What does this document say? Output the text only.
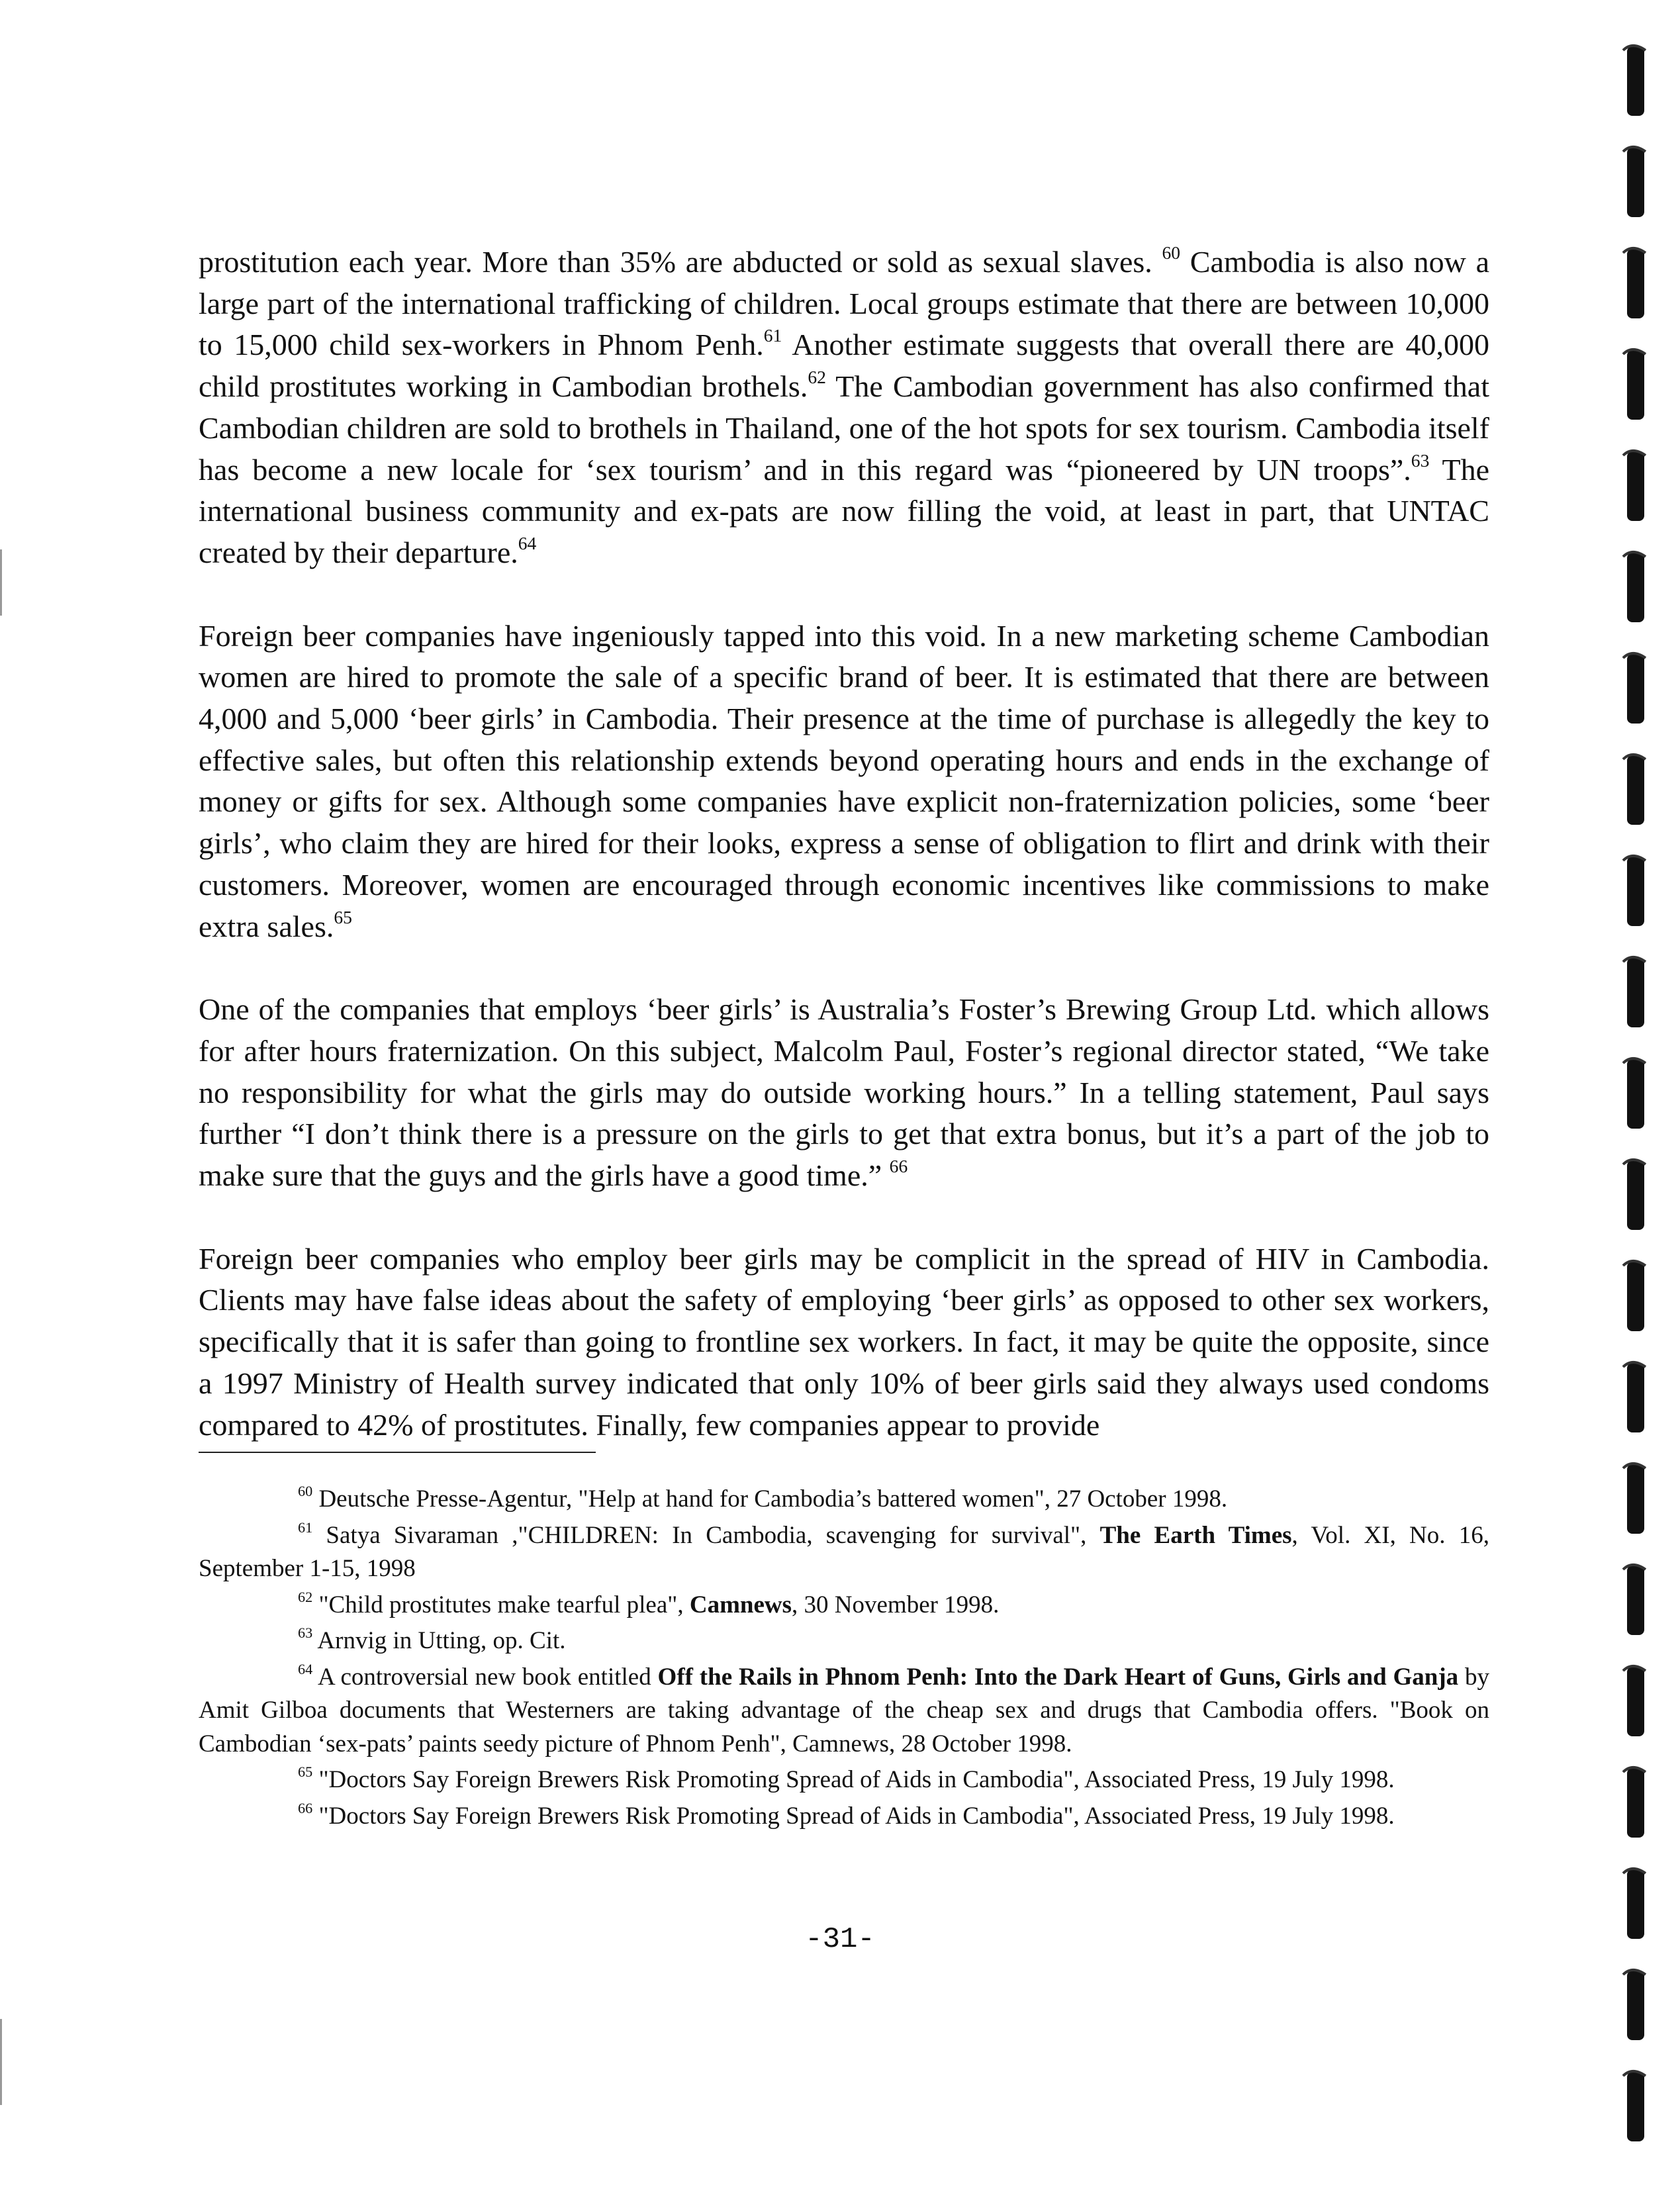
prostitution each year. More than 35% are abducted or sold as sexual slaves. $^{60}$ Cambodia is also now a large part of the international trafficking of children. Local groups estimate that there are between 10,000 to 15,000 child sex-workers in Phnom Penh.$^{61}$ Another estimate suggests that overall there are 40,000 child prostitutes working in Cambodian brothels.$^{62}$ The Cambodian government has also confirmed that Cambodian children are sold to brothels in Thailand, one of the hot spots for sex tourism. Cambodia itself has become a new locale for ‘sex tourism’ and in this regard was “pioneered by UN troops”.$^{63}$ The international business community and ex-pats are now filling the void, at least in part, that UNTAC created by their departure.$^{64}$

Foreign beer companies have ingeniously tapped into this void. In a new marketing scheme Cambodian women are hired to promote the sale of a specific brand of beer. It is estimated that there are between 4,000 and 5,000 ‘beer girls’ in Cambodia. Their presence at the time of purchase is allegedly the key to effective sales, but often this relationship extends beyond operating hours and ends in the exchange of money or gifts for sex. Although some companies have explicit non-fraternization policies, some ‘beer girls’, who claim they are hired for their looks, express a sense of obligation to flirt and drink with their customers. Moreover, women are encouraged through economic incentives like commissions to make extra sales.$^{65}$

One of the companies that employs ‘beer girls’ is Australia’s Foster’s Brewing Group Ltd. which allows for after hours fraternization. On this subject, Malcolm Paul, Foster’s regional director stated, “We take no responsibility for what the girls may do outside working hours.” In a telling statement, Paul says further “I don’t think there is a pressure on the girls to get that extra bonus, but it’s a part of the job to make sure that the guys and the girls have a good time.” $^{66}$

Foreign beer companies who employ beer girls may be complicit in the spread of HIV in Cambodia. Clients may have false ideas about the safety of employing ‘beer girls’ as opposed to other sex workers, specifically that it is safer than going to frontline sex workers. In fact, it may be quite the opposite, since a 1997 Ministry of Health survey indicated that only 10% of beer girls said they always used condoms compared to 42% of prostitutes. Finally, few companies appear to provide

$^{60}$ Deutsche Presse-Agentur, "Help at hand for Cambodia’s battered women", 27 October 1998.
$^{61}$ Satya Sivaraman ,"CHILDREN: In Cambodia, scavenging for survival", The Earth Times, Vol. XI, No. 16, September 1-15, 1998
$^{62}$ "Child prostitutes make tearful plea", Camnews, 30 November 1998.
$^{63}$ Arnvig in Utting, op. Cit.
$^{64}$ A controversial new book entitled Off the Rails in Phnom Penh: Into the Dark Heart of Guns, Girls and Ganja by Amit Gilboa documents that Westerners are taking advantage of the cheap sex and drugs that Cambodia offers. "Book on Cambodian ‘sex-pats’ paints seedy picture of Phnom Penh", Camnews, 28 October 1998.
$^{65}$ "Doctors Say Foreign Brewers Risk Promoting Spread of Aids in Cambodia", Associated Press, 19 July 1998.
$^{66}$ "Doctors Say Foreign Brewers Risk Promoting Spread of Aids in Cambodia", Associated Press, 19 July 1998.
-31-
